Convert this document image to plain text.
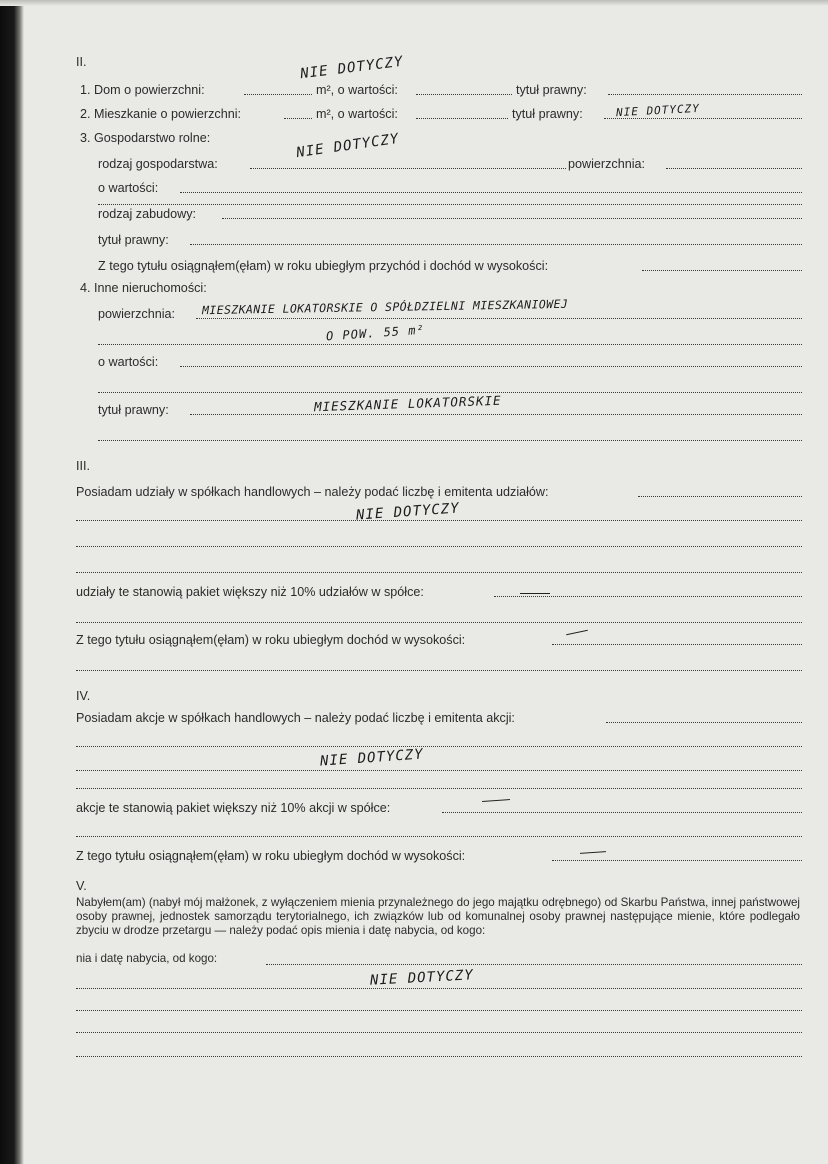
II.
1. Dom o powierzchni:	m², o wartości:	tytuł prawny:
NIE DOTYCZY
2. Mieszkanie o powierzchni:	m², o wartości:	tytuł prawny:	NIE DOTYCZY
3. Gospodarstwo rolne:	NIE DOTYCZY
rodzaj gospodarstwa:	powierzchnia:
o wartości:
rodzaj zabudowy:
tytuł prawny:
Z tego tytułu osiągnąłem(ęłam) w roku ubiegłym przychód i dochód w wysokości:
4. Inne nieruchomości:
powierzchnia: MIESZKANIE LOKATORSKIE O SPÓŁDZIELNI MIESZKANIOWEJ
O POW. 55 m²
o wartości:
tytuł prawny:	MIESZKANIE LOKATORSKIE
III.
Posiadam udziały w spółkach handlowych – należy podać liczbę i emitenta udziałów:
NIE DOTYCZY
udziały te stanowią pakiet większy niż 10% udziałów w spółce:
Z tego tytułu osiągnąłem(ęłam) w roku ubiegłym dochód w wysokości:
IV.
Posiadam akcje w spółkach handlowych – należy podać liczbę i emitenta akcji:
NIE DOTYCZY
akcje te stanowią pakiet większy niż 10% akcji w spółce:
Z tego tytułu osiągnąłem(ęłam) w roku ubiegłym dochód w wysokości:
V.
Nabyłem(am) (nabył mój małżonek, z wyłączeniem mienia przynależnego do jego majątku odrębnego) od Skarbu Państwa, innej państwowej osoby prawnej, jednostek samorządu terytorialnego, ich związków lub od komunalnej osoby prawnej następujące mienie, które podlegało zbyciu w drodze przetargu — należy podać opis mienia i datę nabycia, od kogo:
nia i datę nabycia, od kogo:
NIE DOTYCZY
